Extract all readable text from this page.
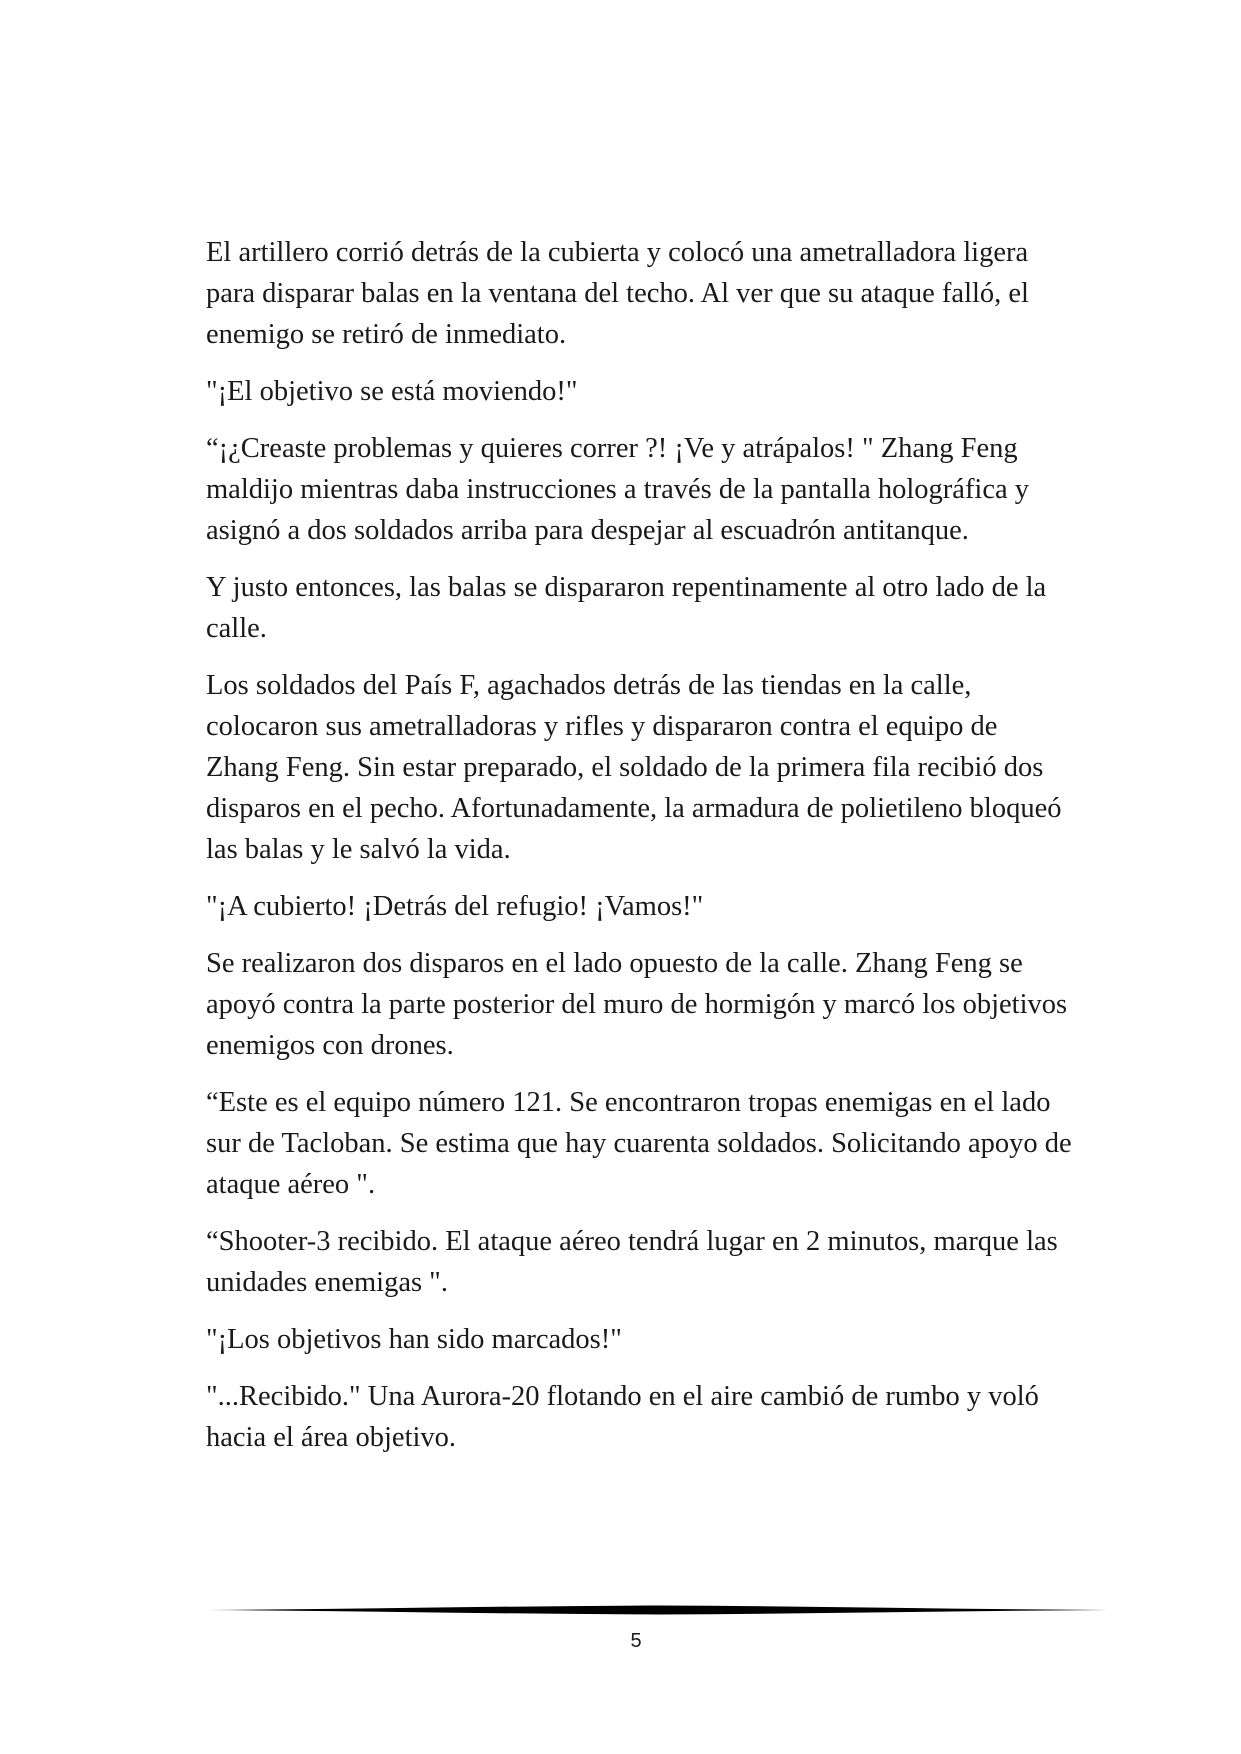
El artillero corrió detrás de la cubierta y colocó una ametralladora ligera para disparar balas en la ventana del techo. Al ver que su ataque falló, el enemigo se retiró de inmediato.

"¡El objetivo se está moviendo!"

“¡¿Creaste problemas y quieres correr ?! ¡Ve y atrápalos! " Zhang Feng maldijo mientras daba instrucciones a través de la pantalla holográfica y asignó a dos soldados arriba para despejar al escuadrón antitanque.

Y justo entonces, las balas se dispararon repentinamente al otro lado de la calle.

Los soldados del País F, agachados detrás de las tiendas en la calle, colocaron sus ametralladoras y rifles y dispararon contra el equipo de Zhang Feng. Sin estar preparado, el soldado de la primera fila recibió dos disparos en el pecho. Afortunadamente, la armadura de polietileno bloqueó las balas y le salvó la vida.

"¡A cubierto! ¡Detrás del refugio! ¡Vamos!"

Se realizaron dos disparos en el lado opuesto de la calle. Zhang Feng se apoyó contra la parte posterior del muro de hormigón y marcó los objetivos enemigos con drones.

“Este es el equipo número 121. Se encontraron tropas enemigas en el lado sur de Tacloban. Se estima que hay cuarenta soldados. Solicitando apoyo de ataque aéreo ".

“Shooter-3 recibido. El ataque aéreo tendrá lugar en 2 minutos, marque las unidades enemigas ".

"¡Los objetivos han sido marcados!"

"...Recibido." Una Aurora-20 flotando en el aire cambió de rumbo y voló hacia el área objetivo.

5
